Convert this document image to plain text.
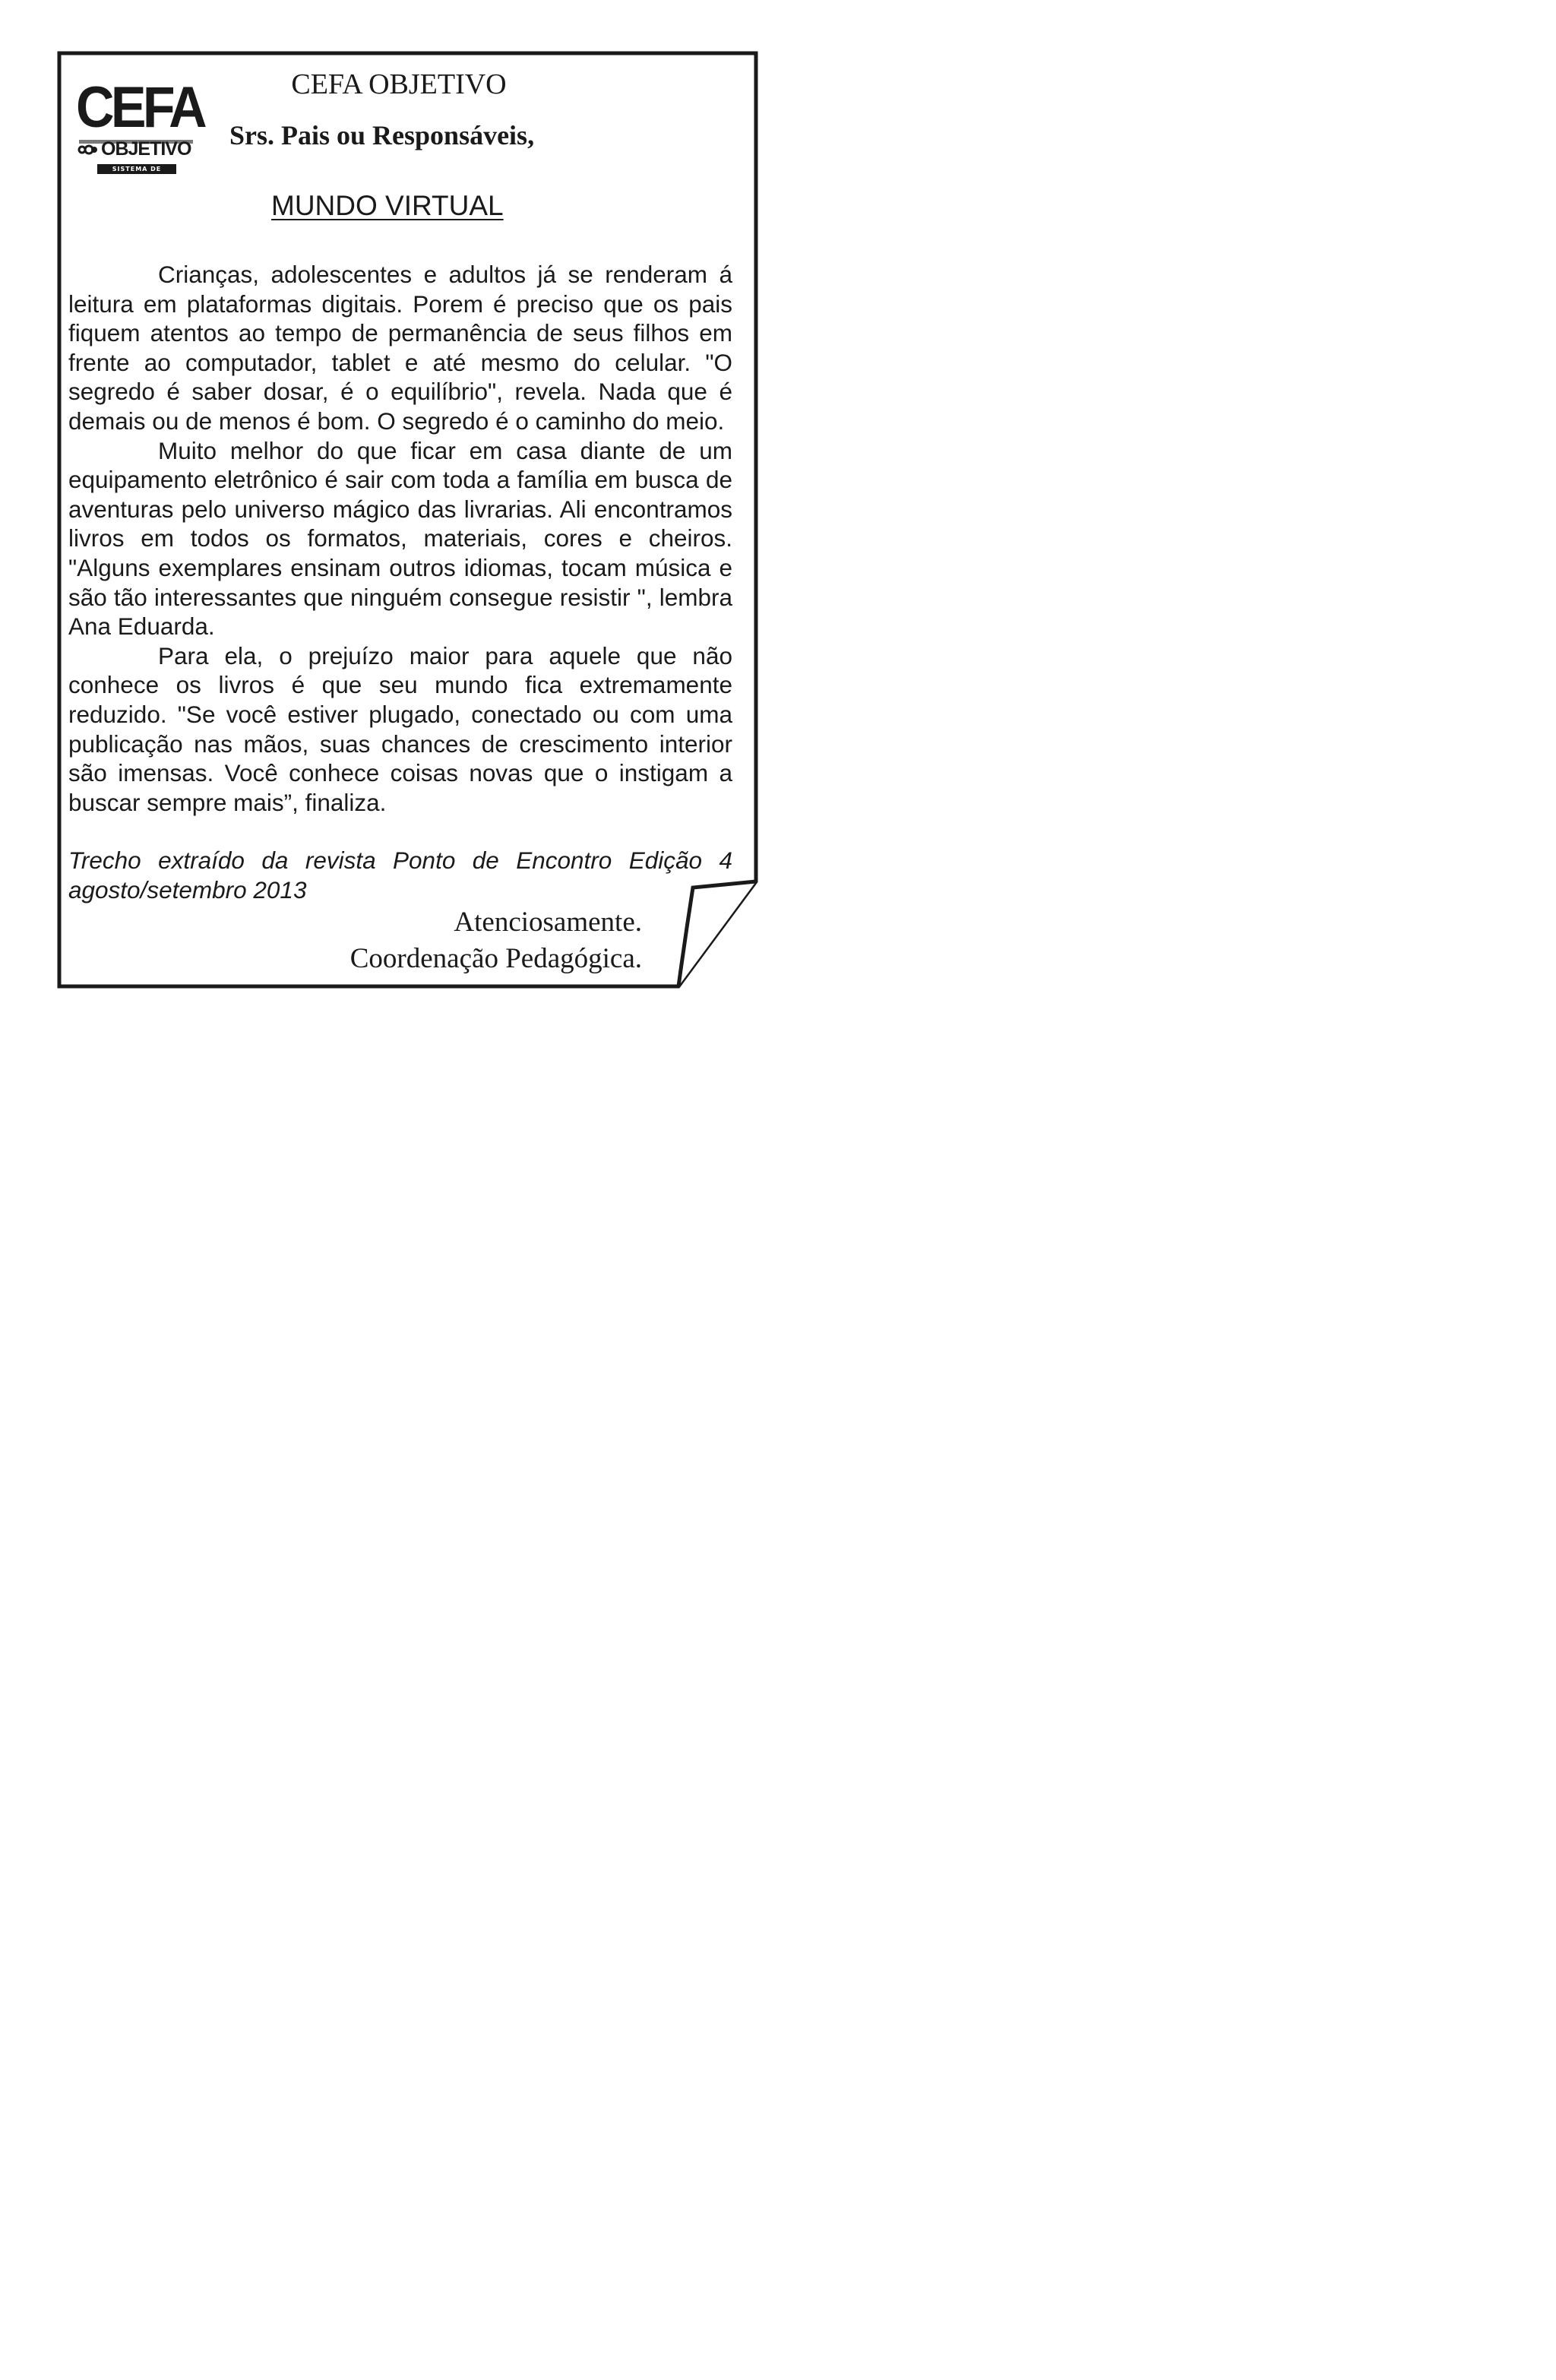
CEFA
OBJETIVO
SISTEMA DE ENSINO
CEFA OBJETIVO
Srs. Pais ou Responsáveis,
MUNDO VIRTUAL

Crianças, adolescentes e adultos já se renderam á leitura em plataformas digitais. Porem é preciso que os pais fiquem atentos ao tempo de permanência de seus filhos em frente ao computador, tablet e até mesmo do celular. "O segredo é saber dosar, é o equilíbrio", revela. Nada que é demais ou de menos é bom. O segredo é o caminho do meio.

Muito melhor do que ficar em casa diante de um equipamento eletrônico é sair com toda a família em busca de aventuras pelo universo mágico das livrarias. Ali encontramos livros em todos os formatos, materiais, cores e cheiros. "Alguns exemplares ensinam outros idiomas, tocam música e são tão interessantes que ninguém consegue resistir ", lembra Ana Eduarda.

Para ela, o prejuízo maior para aquele que não conhece os livros é que seu mundo fica extremamente reduzido. "Se você estiver plugado, conectado ou com uma publicação nas mãos, suas chances de crescimento interior são imensas. Você conhece coisas novas que o instigam a buscar sempre mais”, finaliza.

Trecho extraído da revista Ponto de Encontro Edição 4 agosto/setembro 2013
Atenciosamente.
Coordenação Pedagógica.
